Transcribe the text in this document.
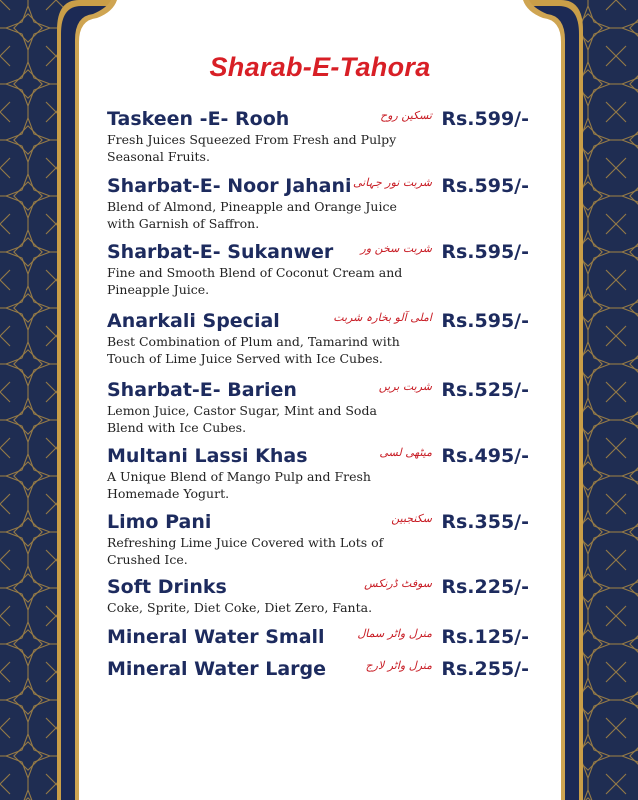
Sharab-E-Tahora
Taskeen -E- Rooh	تسکین روح Rs.599/-
Fresh Juices Squeezed From Fresh and Pulpy Seasonal Fruits.
Sharbat-E- Noor Jahani شربت نور جہانی Rs.595/-
Blend of Almond, Pineapple and Orange Juice with Garnish of Saffron.
Sharbat-E- Sukanwer	شربت سخن ور Rs.595/-
Fine and Smooth Blend of Coconut Cream and Pineapple Juice.
Anarkali Special	املی آلو بخارہ شربت Rs.595/-
Best Combination of Plum and, Tamarind with Touch of Lime Juice Served with Ice Cubes.
Sharbat-E- Barien	شربت بریں Rs.525/-
Lemon Juice, Castor Sugar, Mint and Soda Blend with Ice Cubes.
Multani Lassi Khas	میٹھی لسی Rs.495/-
A Unique Blend of Mango Pulp and Fresh Homemade Yogurt.
Limo Pani	سکنجبین Rs.355/-
Refreshing Lime Juice Covered with Lots of Crushed Ice.
Soft Drinks	سوفٹ ڈرنکس Rs.225/-
Coke, Sprite, Diet Coke, Diet Zero, Fanta.
Mineral Water Small	منرل واٹر سمال Rs.125/-
Mineral Water Large	منرل واٹر لارج Rs.255/-
